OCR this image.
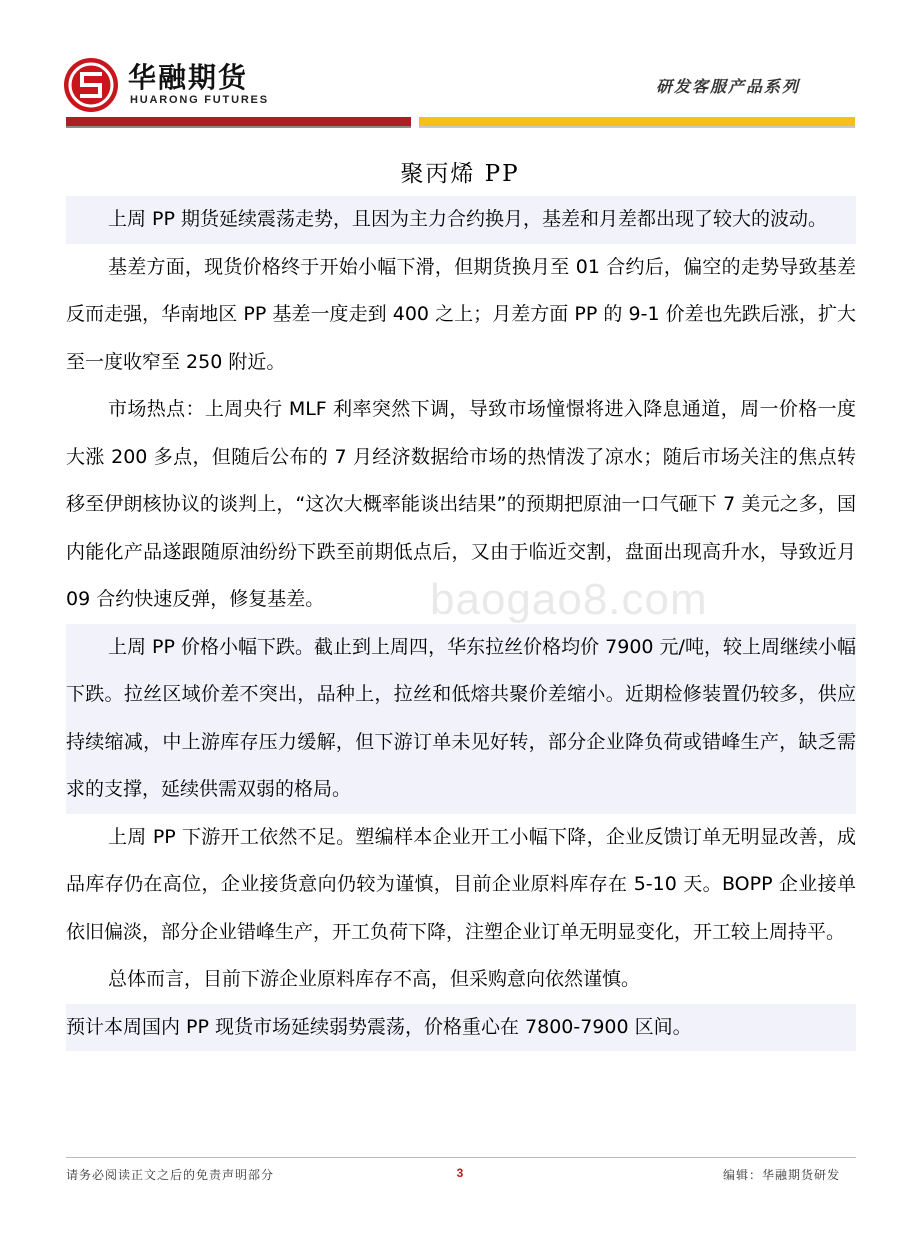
华融期货
HUARONG FUTURES
研发客服产品系列
聚丙烯 PP

上周 PP 期货延续震荡走势，且因为主力合约换月，基差和月差都出现了较大的波动。

基差方面，现货价格终于开始小幅下滑，但期货换月至 01 合约后，偏空的走势导致基差反而走强，华南地区 PP 基差一度走到 400 之上；月差方面 PP 的 9-1 价差也先跌后涨，扩大至一度收窄至 250 附近。

市场热点：上周央行 MLF 利率突然下调，导致市场憧憬将进入降息通道，周一价格一度大涨 200 多点，但随后公布的 7 月经济数据给市场的热情泼了凉水；随后市场关注的焦点转移至伊朗核协议的谈判上，“这次大概率能谈出结果”的预期把原油一口气砸下 7 美元之多，国内能化产品遂跟随原油纷纷下跌至前期低点后，又由于临近交割，盘面出现高升水，导致近月 09 合约快速反弹，修复基差。

上周 PP 价格小幅下跌。截止到上周四，华东拉丝价格均价 7900 元/吨，较上周继续小幅下跌。拉丝区域价差不突出，品种上，拉丝和低熔共聚价差缩小。近期检修装置仍较多，供应持续缩减，中上游库存压力缓解，但下游订单未见好转，部分企业降负荷或错峰生产，缺乏需求的支撑，延续供需双弱的格局。

上周 PP 下游开工依然不足。塑编样本企业开工小幅下降，企业反馈订单无明显改善，成品库存仍在高位，企业接货意向仍较为谨慎，目前企业原料库存在 5-10 天。BOPP 企业接单依旧偏淡，部分企业错峰生产，开工负荷下降，注塑企业订单无明显变化，开工较上周持平。

总体而言，目前下游企业原料库存不高，但采购意向依然谨慎。

预计本周国内 PP 现货市场延续弱势震荡，价格重心在 7800-7900 区间。

baogao8.com
请务必阅读正文之后的免责声明部分	3	编辑：华融期货研发
